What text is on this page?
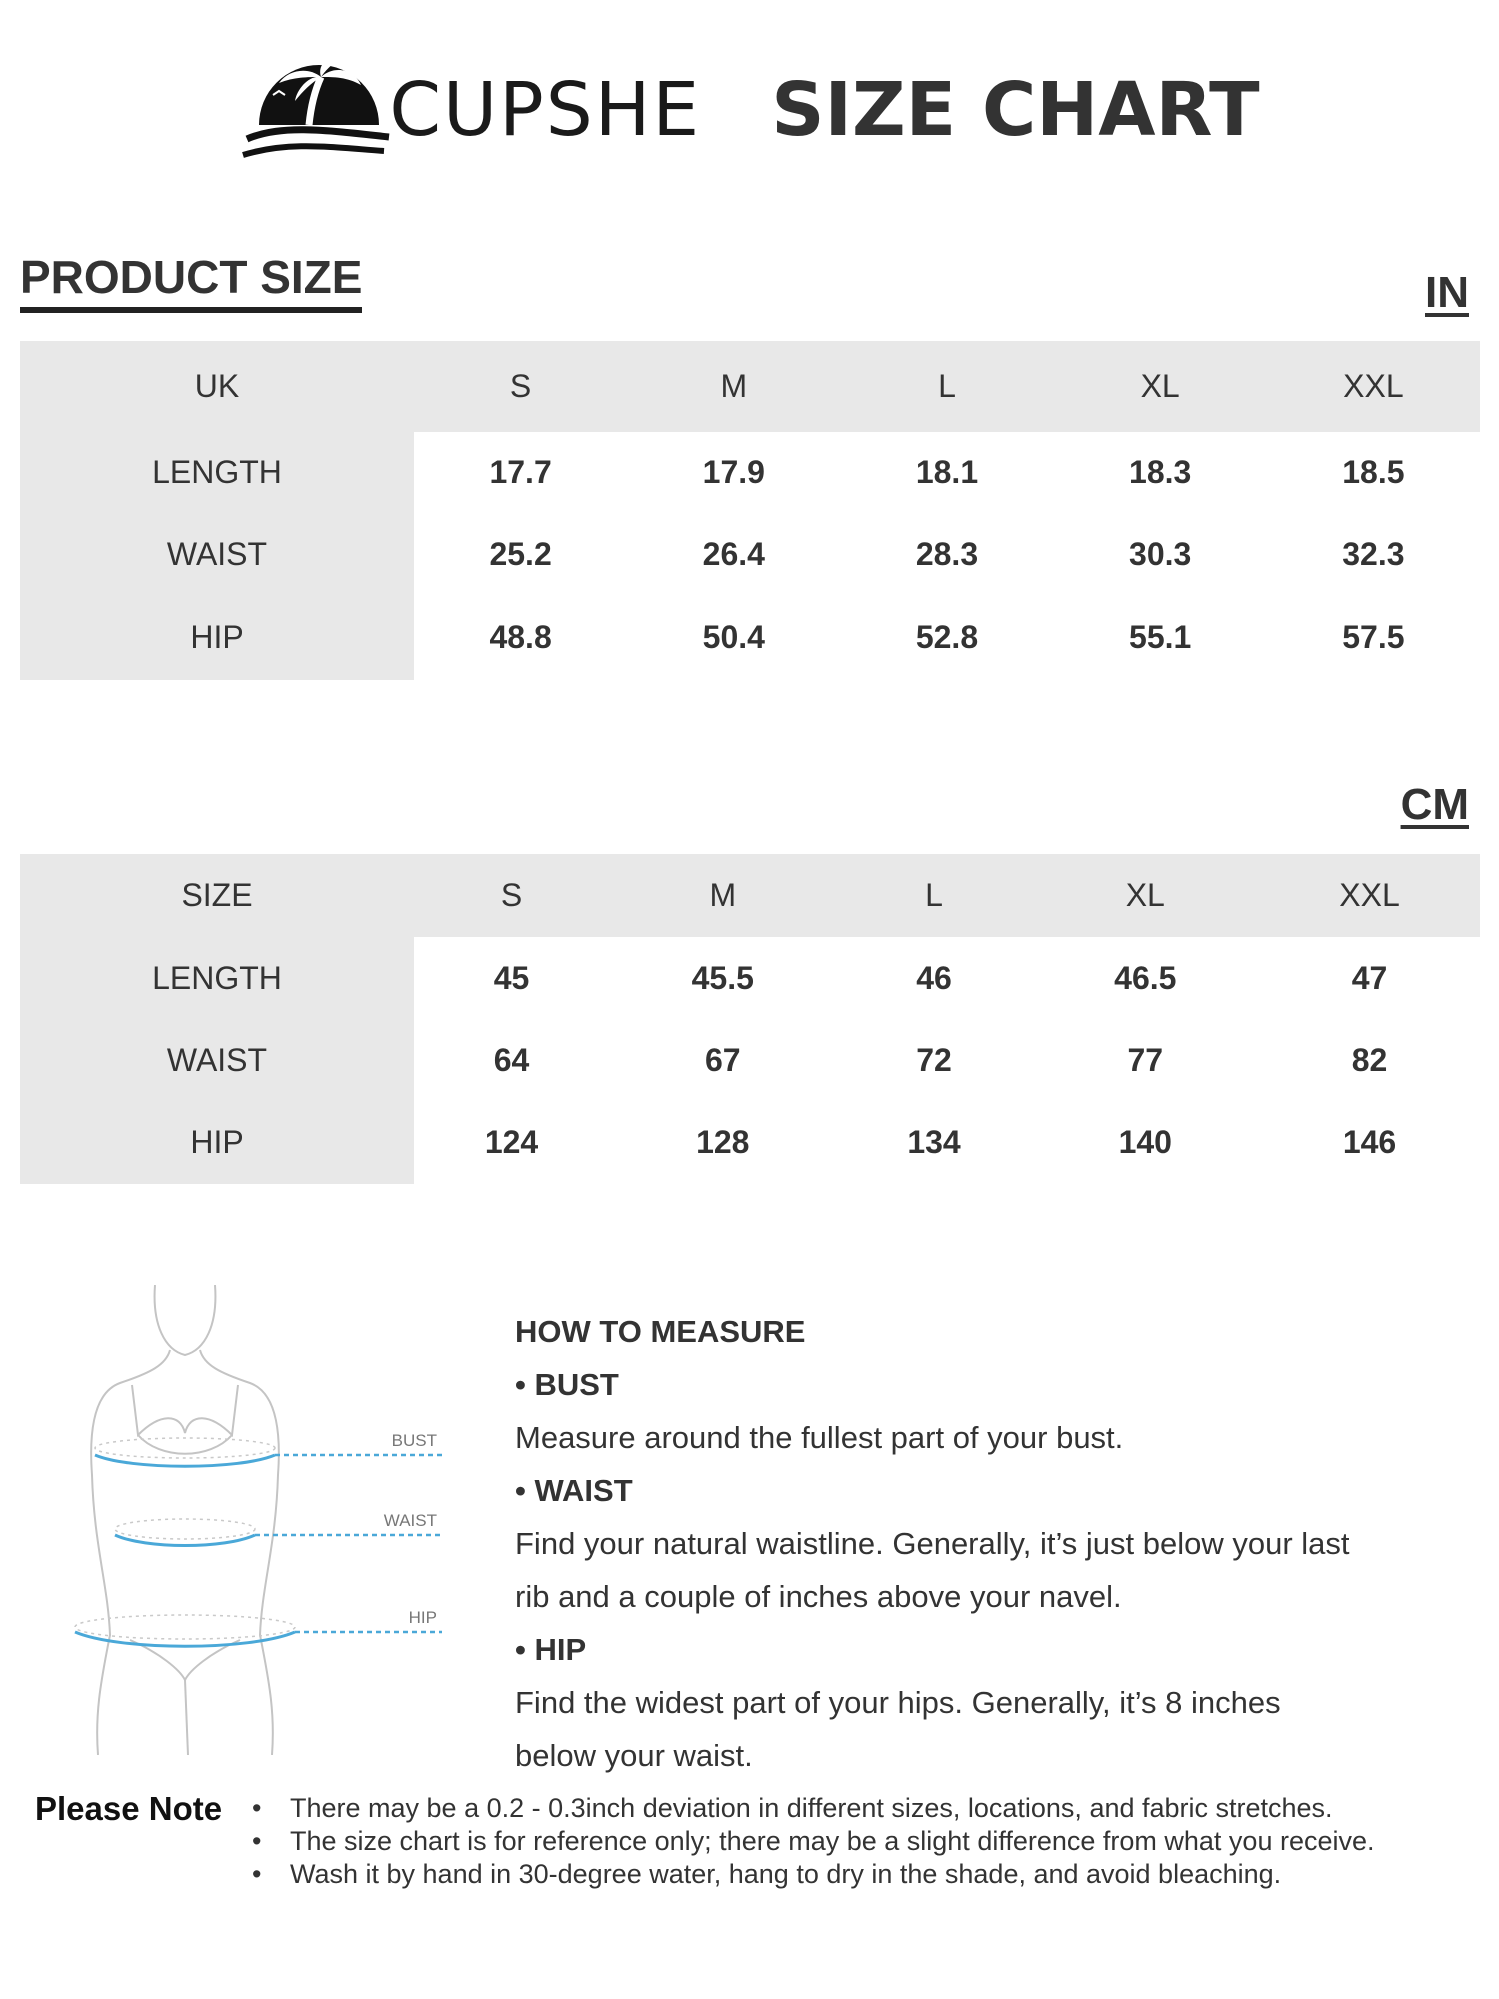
CUPSHE SIZE CHART
PRODUCT SIZE	IN
UK	S	M	L	XL	XXL
LENGTH	17.7	17.9	18.1	18.3	18.5
WAIST	25.2	26.4	28.3	30.3	32.3
HIP	48.8	50.4	52.8	55.1	57.5
CM
SIZE	S	M	L	XL	XXL
LENGTH	45	45.5	46	46.5	47
WAIST	64	67	72	77	82
HIP	124	128	134	140	146
BUST
WAIST
HIP
HOW TO MEASURE
• BUST
Measure around the fullest part of your bust.
• WAIST
Find your natural waistline. Generally, it’s just below your last
rib and a couple of inches above your navel.
• HIP
Find the widest part of your hips. Generally, it’s 8 inches
below your waist.
Please Note	• There may be a 0.2 - 0.3inch deviation in different sizes, locations, and fabric stretches.
• The size chart is for reference only; there may be a slight difference from what you receive.
• Wash it by hand in 30-degree water, hang to dry in the shade, and avoid bleaching.
